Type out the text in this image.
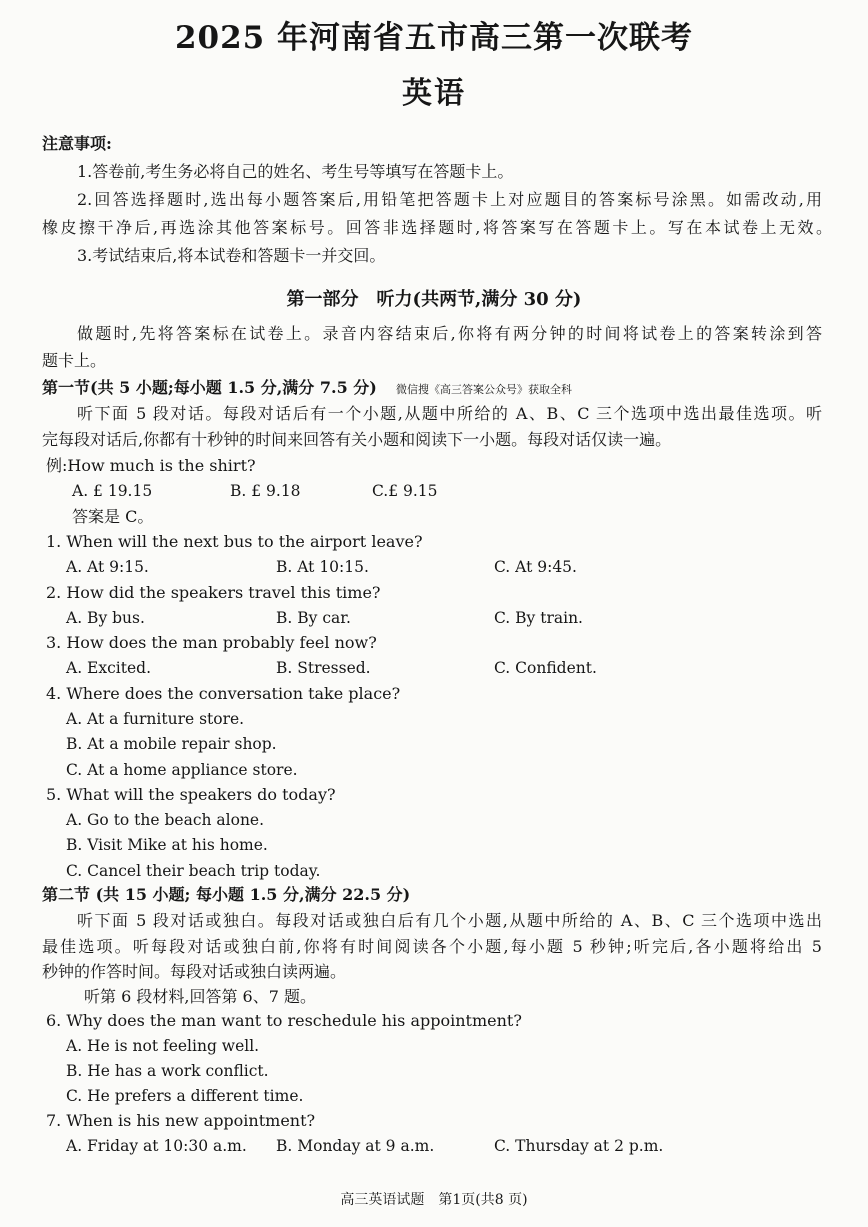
2025 年河南省五市高三第一次联考
英语
注意事项:
1.答卷前,考生务必将自己的姓名、考生号等填写在答题卡上。
2.回答选择题时,选出每小题答案后,用铅笔把答题卡上对应题目的答案标号涂黑。如需改动,用
橡皮擦干净后,再选涂其他答案标号。回答非选择题时,将答案写在答题卡上。写在本试卷上无效。
3.考试结束后,将本试卷和答题卡一并交回。
第一部分　听力(共两节,满分 30 分)
做题时,先将答案标在试卷上。录音内容结束后,你将有两分钟的时间将试卷上的答案转涂到答
题卡上。
第一节(共 5 小题;每小题 1.5 分,满分 7.5 分) 微信搜《高三答案公众号》获取全科
听下面 5 段对话。每段对话后有一个小题,从题中所给的 A、B、C 三个选项中选出最佳选项。听
完每段对话后,你都有十秒钟的时间来回答有关小题和阅读下一小题。每段对话仅读一遍。
例:How much is the shirt?
A. £ 19.15	B. £ 9.18	C.£ 9.15
答案是 C。
1. When will the next bus to the airport leave?
A. At 9:15.	B. At 10:15.	C. At 9:45.
2. How did the speakers travel this time?
A. By bus.	B. By car.	C. By train.
3. How does the man probably feel now?
A. Excited.	B. Stressed.	C. Confident.
4. Where does the conversation take place?
A. At a furniture store.
B. At a mobile repair shop.
C. At a home appliance store.
5. What will the speakers do today?
A. Go to the beach alone.
B. Visit Mike at his home.
C. Cancel their beach trip today.
第二节 (共 15 小题; 每小题 1.5 分,满分 22.5 分)
听下面 5 段对话或独白。每段对话或独白后有几个小题,从题中所给的 A、B、C 三个选项中选出
最佳选项。听每段对话或独白前,你将有时间阅读各个小题,每小题 5 秒钟;听完后,各小题将给出 5
秒钟的作答时间。每段对话或独白读两遍。
听第 6 段材料,回答第 6、7 题。
6. Why does the man want to reschedule his appointment?
A. He is not feeling well.
B. He has a work conflict.
C. He prefers a different time.
7. When is his new appointment?
A. Friday at 10:30 a.m. B. Monday at 9 a.m.	C. Thursday at 2 p.m.
高三英语试题　第1页(共8 页)
